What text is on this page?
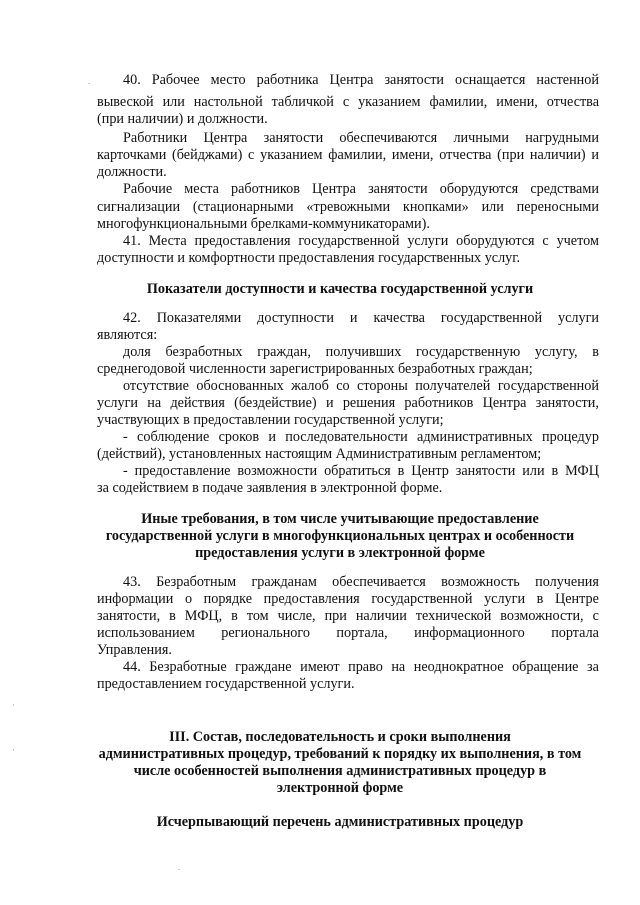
. 40. Рабочее место работника Центра занятости оснащается настенной
вывеской или настольной табличкой с указанием фамилии, имени, отчества
(при наличии) и должности.
Работники Центра занятости обеспечиваются личными нагрудными
карточками (бейджами) с указанием фамилии, имени, отчества (при наличии) и
должности.
Рабочие места работников Центра занятости оборудуются средствами
сигнализации (стационарными «тревожными кнопками» или переносными
многофункциональными брелками-коммуникаторами).
41. Места предоставления государственной услуги оборудуются с учетом
доступности и комфортности предоставления государственных услуг.
Показатели доступности и качества государственной услуги
42. Показателями доступности и качества государственной услуги
являются:
доля безработных граждан, получивших государственную услугу, в
среднегодовой численности зарегистрированных безработных граждан;
отсутствие обоснованных жалоб со стороны получателей государственной
услуги на действия (бездействие) и решения работников Центра занятости,
участвующих в предоставлении государственной услуги;
- соблюдение сроков и последовательности административных процедур
(действий), установленных настоящим Административным регламентом;
- предоставление возможности обратиться в Центр занятости или в МФЦ
за содействием в подаче заявления в электронной форме.
Иные требования, в том числе учитывающие предоставление
государственной услуги в многофункциональных центрах и особенности
предоставления услуги в электронной форме
43. Безработным гражданам обеспечивается возможность получения
информации о порядке предоставления государственной услуги в Центре
занятости, в МФЦ, в том числе, при наличии технической возможности, с
использованием регионального портала, информационного портала
Управления.
44. Безработные граждане имеют право на неоднократное обращение за
предоставлением государственной услуги.
III. Состав, последовательность и сроки выполнения
административных процедур, требований к порядку их выполнения, в том
числе особенностей выполнения административных процедур в
электронной форме
Исчерпывающий перечень административных процедур
·
·
.
